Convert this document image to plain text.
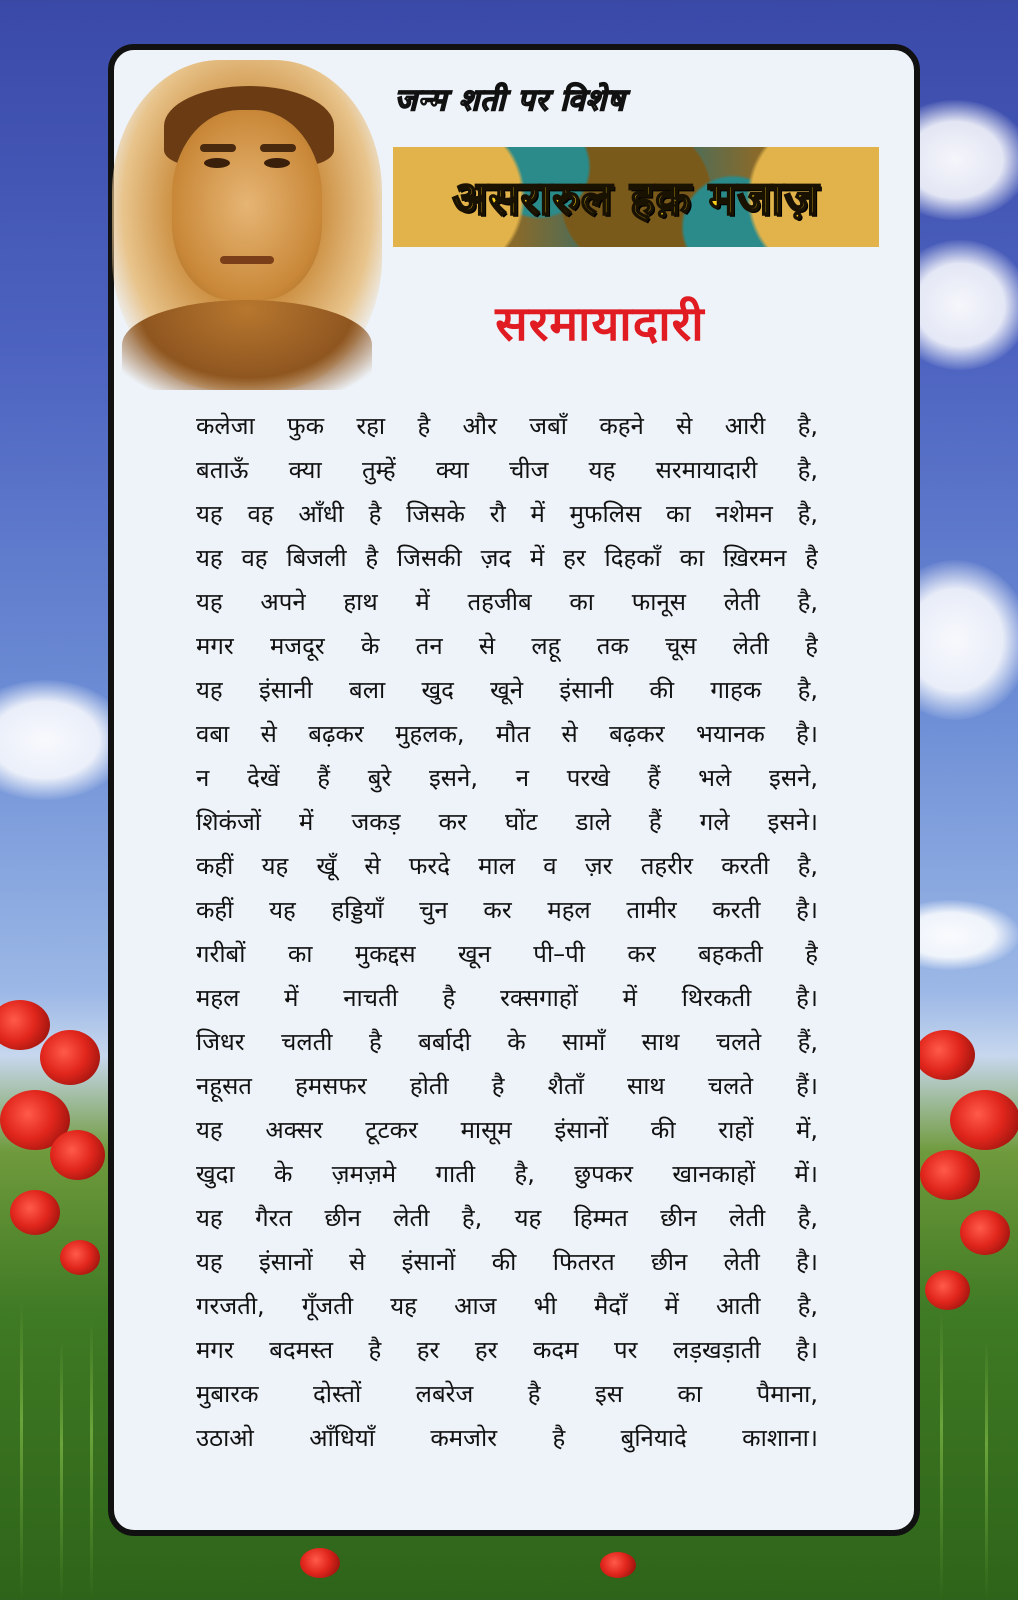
जन्म शती पर विशेष
असरारुल हक़ मजाज़
सरमायादारी
कलेजा फुक रहा है और जबाँ कहने से आरी है,
बताऊँ क्या तुम्हें क्या चीज यह सरमायादारी है,
यह वह आँधी है जिसके रौ में मुफलिस का नशेमन है,
यह वह बिजली है जिसकी ज़द में हर दिहकाँ का ख़िरमन है
यह अपने हाथ में तहजीब का फानूस लेती है,
मगर मजदूर के तन से लहू तक चूस लेती है
यह इंसानी बला खुद खूने इंसानी की गाहक है,
वबा से बढ़कर मुहलक, मौत से बढ़कर भयानक है।
न देखें हैं बुरे इसने, न परखे हैं भले इसने,
शिकंजों में जकड़ कर घोंट डाले हैं गले इसने।
कहीं यह खूँ से फरदे माल व ज़र तहरीर करती है,
कहीं यह हड्डियाँ चुन कर महल तामीर करती है।
गरीबों का मुकद्दस खून पी–पी कर बहकती है
महल में नाचती है रक्सगाहों में थिरकती है।
जिधर चलती है बर्बादी के सामाँ साथ चलते हैं,
नहूसत हमसफर होती है शैताँ साथ चलते हैं।
यह अक्सर टूटकर मासूम इंसानों की राहों में,
खुदा के ज़मज़मे गाती है, छुपकर खानकाहों में।
यह गैरत छीन लेती है, यह हिम्मत छीन लेती है,
यह इंसानों से इंसानों की फितरत छीन लेती है।
गरजती, गूँजती यह आज भी मैदाँ में आती है,
मगर बदमस्त है हर हर कदम पर लड़खड़ाती है।
मुबारक दोस्तों लबरेज है इस का पैमाना,
उठाओ आँधियाँ कमजोर है बुनियादे काशाना।
